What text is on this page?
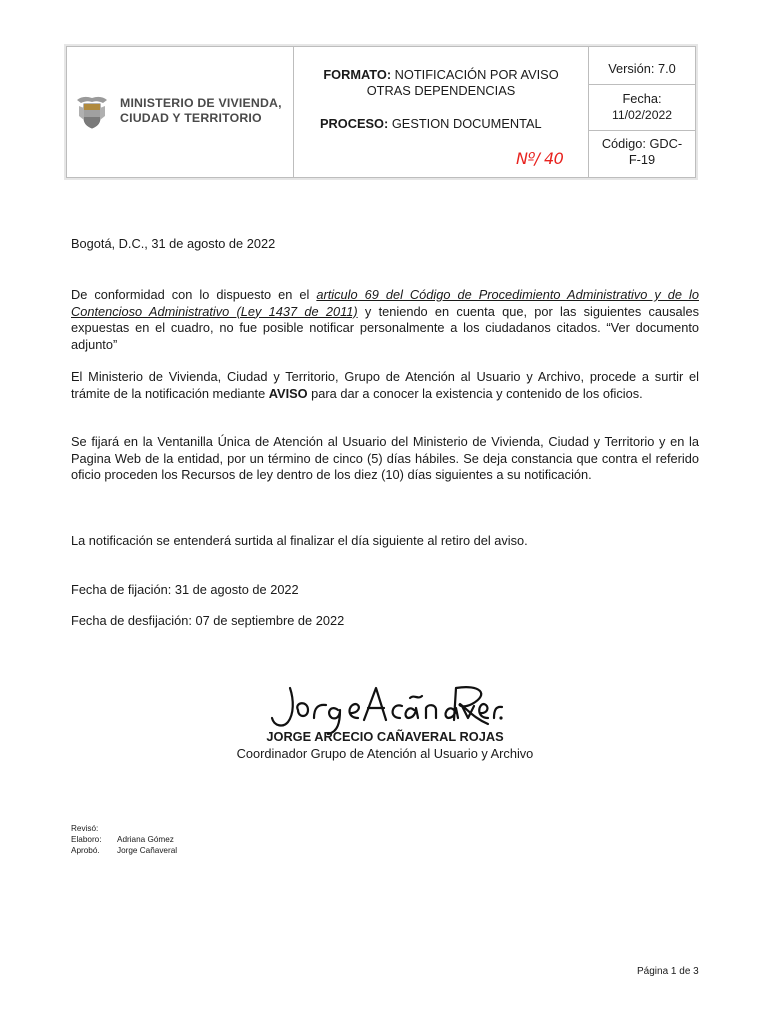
MINISTERIO DE VIVIENDA,
CIUDAD Y TERRITORIO
FORMATO: NOTIFICACIÓN POR AVISO
OTRAS DEPENDENCIAS
PROCESO: GESTION DOCUMENTAL
Nº/ 40
Versión: 7.0
Fecha:
11/02/2022
Código: GDC-
F-19
Bogotá, D.C., 31 de agosto de 2022
De conformidad con lo dispuesto en el articulo 69 del Código de Procedimiento Administrativo y de lo Contencioso Administrativo (Ley 1437 de 2011) y teniendo en cuenta que, por las siguientes causales expuestas en el cuadro, no fue posible notificar personalmente a los ciudadanos citados. “Ver documento adjunto”
El Ministerio de Vivienda, Ciudad y Territorio, Grupo de Atención al Usuario y Archivo, procede a surtir el trámite de la notificación mediante AVISO para dar a conocer la existencia y contenido de los oficios.
Se fijará en la Ventanilla Única de Atención al Usuario del Ministerio de Vivienda, Ciudad y Territorio y en la Pagina Web de la entidad, por un término de cinco (5) días hábiles. Se deja constancia que contra el referido oficio proceden los Recursos de ley dentro de los diez (10) días siguientes a su notificación.
La notificación se entenderá surtida al finalizar el día siguiente al retiro del aviso.
Fecha de fijación: 31 de agosto de 2022
Fecha de desfijación: 07 de septiembre de 2022
JORGE ARCECIO CAÑAVERAL ROJAS
Coordinador Grupo de Atención al Usuario y Archivo
Revisó:
Elaboro:
Aprobó.
Adriana Gómez
Jorge Cañaveral
Página 1 de 3
